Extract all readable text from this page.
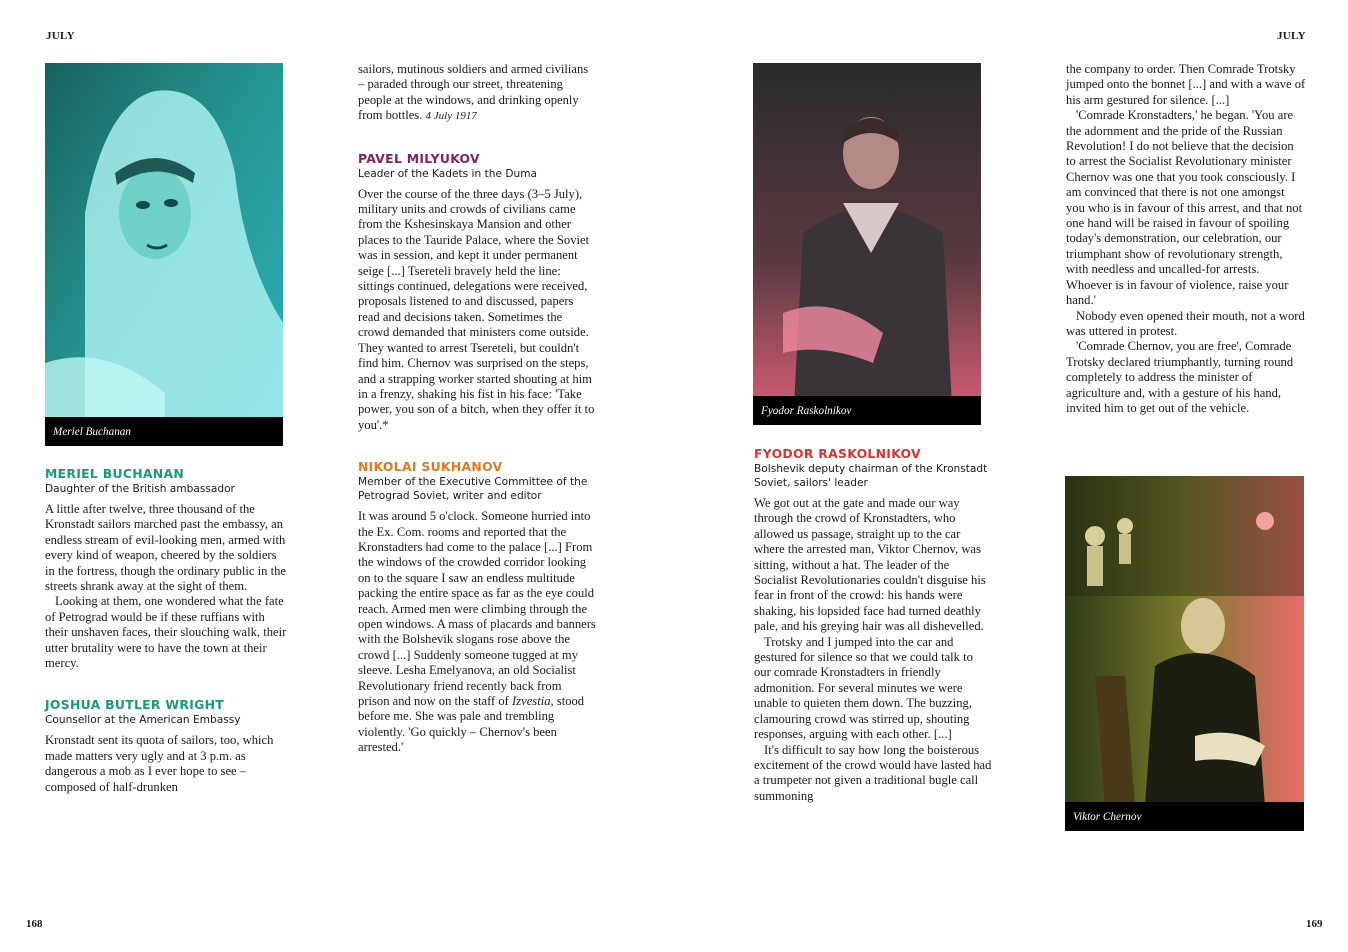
JULY	JULY
168	169
Meriel Buchanan
MERIEL BUCHANAN
Daughter of the British ambassador

A little after twelve, three thousand of the Kronstadt sailors marched past the embassy, an endless stream of evil-looking men, armed with every kind of weapon, cheered by the soldiers in the fortress, though the ordinary public in the streets shrank away at the sight of them.

Looking at them, one wondered what the fate of Petrograd would be if these ruffians with their unshaven faces, their slouching walk, their utter brutality were to have the town at their mercy.

JOSHUA BUTLER WRIGHT
Counsellor at the American Embassy

Kronstadt sent its quota of sailors, too, which made matters very ugly and at 3 p.m. as dangerous a mob as I ever hope to see – composed of half-drunken

sailors, mutinous soldiers and armed civilians – paraded through our street, threatening people at the windows, and drinking openly from bottles. 4 July 1917

PAVEL MILYUKOV
Leader of the Kadets in the Duma

Over the course of the three days (3–5 July), military units and crowds of civilians came from the Kshesinskaya Mansion and other places to the Tauride Palace, where the Soviet was in session, and kept it under permanent seige [...] Tsereteli bravely held the line: sittings continued, delegations were received, proposals listened to and discussed, papers read and decisions taken. Sometimes the crowd demanded that ministers come outside. They wanted to arrest Tsereteli, but couldn't find him. Chernov was surprised on the steps, and a strapping worker started shouting at him in a frenzy, shaking his fist in his face: 'Take power, you son of a bitch, when they offer it to you'.*

NIKOLAI SUKHANOV
Member of the Executive Committee of the Petrograd Soviet, writer and editor

It was around 5 o'clock. Someone hurried into the Ex. Com. rooms and reported that the Kronstadters had come to the palace [...] From the windows of the crowded corridor looking on to the square I saw an endless multitude packing the entire space as far as the eye could reach. Armed men were climbing through the open windows. A mass of placards and banners with the Bolshevik slogans rose above the crowd [...] Suddenly someone tugged at my sleeve. Lesha Emelyanova, an old Socialist Revolutionary friend recently back from prison and now on the staff of Izvestia, stood before me. She was pale and trembling violently. 'Go quickly – Chernov's been arrested.'

Fyodor Raskolnikov
FYODOR RASKOLNIKOV
Bolshevik deputy chairman of the Kronstadt Soviet, sailors' leader

We got out at the gate and made our way through the crowd of Kronstadters, who allowed us passage, straight up to the car where the arrested man, Viktor Chernov, was sitting, without a hat. The leader of the Socialist Revolutionaries couldn't disguise his fear in front of the crowd: his hands were shaking, his lopsided face had turned deathly pale, and his greying hair was all dishevelled.

Trotsky and I jumped into the car and gestured for silence so that we could talk to our comrade Kronstadters in friendly admonition. For several minutes we were unable to quieten them down. The buzzing, clamouring crowd was stirred up, shouting responses, arguing with each other. [...]

It's difficult to say how long the boisterous excitement of the crowd would have lasted had a trumpeter not given a traditional bugle call summoning

the company to order. Then Comrade Trotsky jumped onto the bonnet [...] and with a wave of his arm gestured for silence. [...]

'Comrade Kronstadters,' he began. 'You are the adornment and the pride of the Russian Revolution! I do not believe that the decision to arrest the Socialist Revolutionary minister Chernov was one that you took consciously. I am convinced that there is not one amongst you who is in favour of this arrest, and that not one hand will be raised in favour of spoiling today's demonstration, our celebration, our triumphant show of revolutionary strength, with needless and uncalled-for arrests. Whoever is in favour of violence, raise your hand.'

Nobody even opened their mouth, not a word was uttered in protest.

'Comrade Chernov, you are free', Comrade Trotsky declared triumphantly, turning round completely to address the minister of agriculture and, with a gesture of his hand, invited him to get out of the vehicle.

Viktor Chernov
